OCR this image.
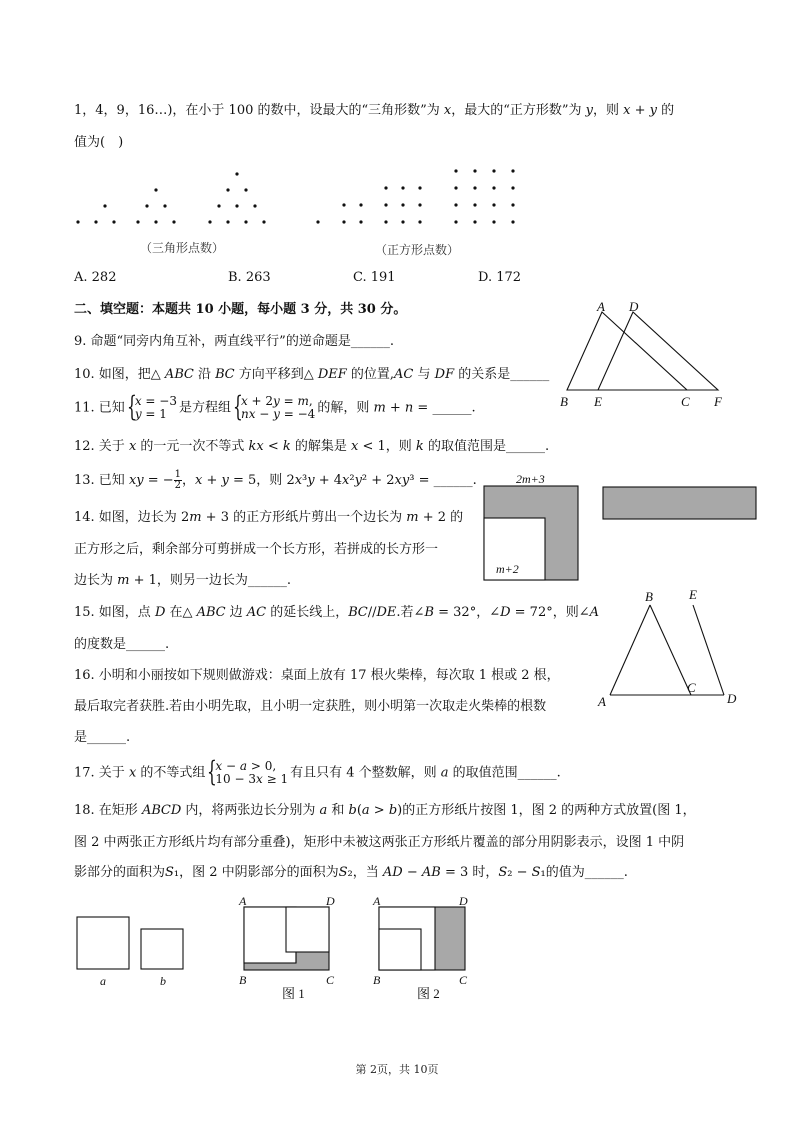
1，4，9，16…)，在小于 100 的数中，设最大的“三角形数”为 𝑥，最大的“正方形数”为 𝑦，则 𝑥 + 𝑦 的
值为(　)
（三角形点数）	（正方形点数）
A. 282	B. 263	C. 191	D. 172
二、填空题：本题共 10 小题，每小题 3 分，共 30 分。
9. 命题“同旁内角互补，两直线平行”的逆命题是______.
10. 如图，把△ 𝐴𝐵𝐶 沿 𝐵𝐶 方向平移到△ 𝐷𝐸𝐹 的位置,𝐴𝐶 与 𝐷𝐹 的关系是______
11. 已知 { 𝑥 = −3
𝑦 = 1 是方程组 { 𝑥 + 2𝑦 = 𝑚,
𝑛𝑥 − 𝑦 = −4 的解，则 𝑚 + 𝑛 = ______.
12. 关于 𝑥 的一元一次不等式 𝑘𝑥 < 𝑘 的解集是 𝑥 < 1，则 𝑘 的取值范围是______.
13. 已知 𝑥𝑦 = − $\frac{1}{2}$ ，𝑥 + 𝑦 = 5，则 2𝑥³𝑦 + 4𝑥²𝑦² + 2𝑥𝑦³ = ______.
14. 如图，边长为 2𝑚 + 3 的正方形纸片剪出一个边长为 𝑚 + 2 的
正方形之后，剩余部分可剪拼成一个长方形，若拼成的长方形一
边长为 𝑚 + 1，则另一边长为______.
15. 如图，点 𝐷 在△ 𝐴𝐵𝐶 边 𝐴𝐶 的延长线上，𝐵𝐶//𝐷𝐸.若∠𝐵 = 32°，∠𝐷 = 72°，则∠𝐴
的度数是______.
16. 小明和小丽按如下规则做游戏：桌面上放有 17 根火柴棒，每次取 1 根或 2 根，
最后取完者获胜.若由小明先取，且小明一定获胜，则小明第一次取走火柴棒的根数
是______.
17. 关于 𝑥 的不等式组 { 𝑥 − 𝑎 > 0,
10 − 3𝑥 ≥ 1 有且只有 4 个整数解，则 𝑎 的取值范围______.
18. 在矩形 𝐴𝐵𝐶𝐷 内，将两张边长分别为 𝑎 和 𝑏(𝑎 > 𝑏)的正方形纸片按图 1，图 2 的两种方式放置(图 1，
图 2 中两张正方形纸片均有部分重叠)，矩形中未被这两张正方形纸片覆盖的部分用阴影表示，设图 1 中阴
影部分的面积为𝑆₁，图 2 中阴影部分的面积为𝑆₂，当 𝐴𝐷 − 𝐴𝐵 = 3 时，𝑆₂ − 𝑆₁的值为______.
A D
B E	C F
2m+3
m+2
B	E
A
C
D
a	b
A	D
B	C
图 1
A	D
B	C
图 2
第 2页，共 10页
